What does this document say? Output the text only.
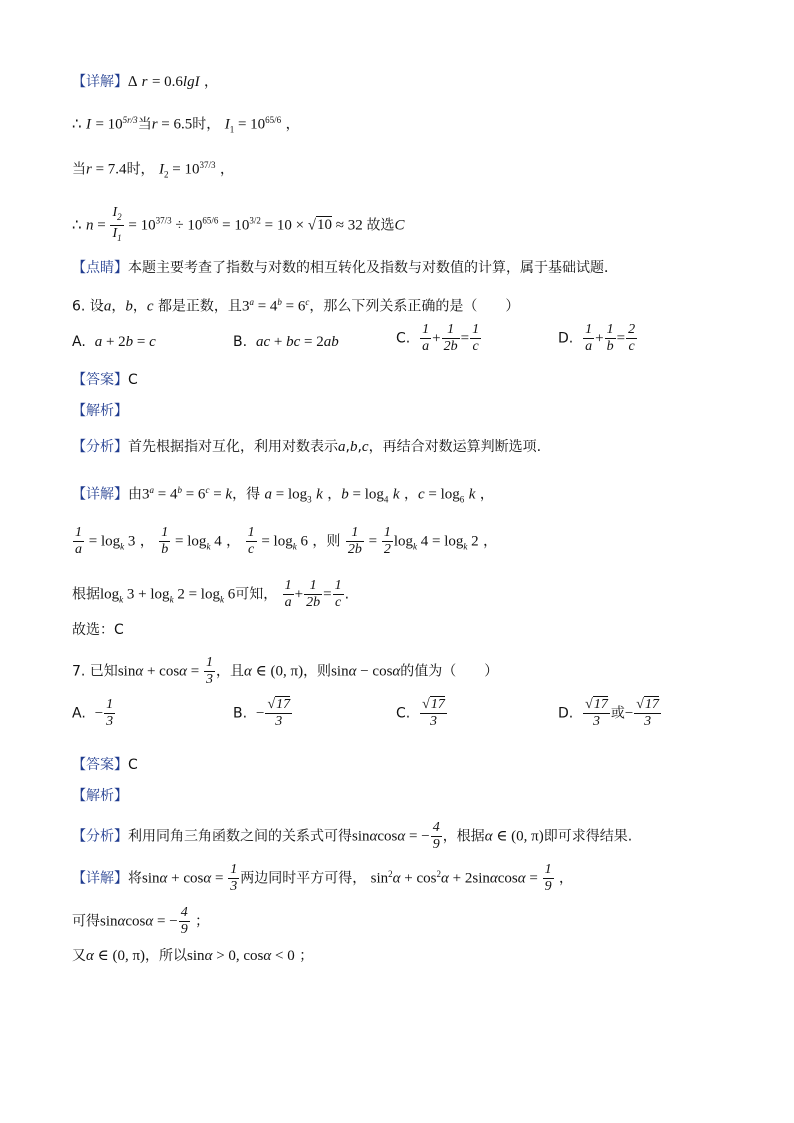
【详解】∆ r = 0.6lgI ，
∴ $I = 10^{5r/3}$当r = 6.5时， $I_1 = 10^{65/6}$ ，
当r = 7.4时， $I_2 = 10^{37/3}$ ，
∴ $n = \frac{I_2}{I_1} = 10^{37/3} \div 10^{65/6} = 10^{3/2} = 10 \times √10 \approx 32$ 故选C
【点睛】本题主要考查了指数与对数的相互转化及指数与对数值的计算，属于基础试题．
6. 设a，b，c 都是正数，且$3^a = 4^b = 6^c$，那么下列关系正确的是（　　）
A. a + 2b = c	B. ac + bc = 2ab	C. $\frac{1}{a} + \frac{1}{2b} = \frac{1}{c}$	D. $\frac{1}{a} + \frac{1}{b} = \frac{2}{c}$
【答案】C
【解析】
【分析】首先根据指对互化，利用对数表示a,b,c，再结合对数运算判断选项.
【详解】由$3^a = 4^b = 6^c = k$，得 $a = \log_3 k$ ，$b = \log_4 k$ ，$c = \log_6 k$ ，
$\frac{1}{a} = \log_k 3$ ， $\frac{1}{b} = \log_k 4$ ， $\frac{1}{c} = \log_k 6$ ，则 $\frac{1}{2b} = \frac{1}{2} \log_k 4 = \log_k 2$ ，
根据$\log_k 3 + \log_k 2 = \log_k 6$可知， $\frac{1}{a} + \frac{1}{2b} = \frac{1}{c}$ .
故选：C
7. 已知$\sin\alpha + \cos\alpha = \frac{1}{3}$ ，且α ∈ (0, π)，则sinα − cosα的值为（　　）
A. − $\frac{1}{3}$	B. − $\frac{√17}{3}$	C. $\frac{√17}{3}$	D. $\frac{√17}{3}$ 或− $\frac{√17}{3}$
【答案】C
【解析】
【分析】利用同角三角函数之间的关系式可得sinαcosα = − $\frac{4}{9}$ ，根据α ∈ (0, π)即可求得结果.
【详解】将$\sin\alpha + \cos\alpha = \frac{1}{3}$ 两边同时平方可得， $\sin^2\alpha + \cos^2\alpha + 2\sin\alpha\cos\alpha = \frac{1}{9}$ ，
可得sinαcosα = − $\frac{4}{9}$ ；
又α ∈ (0, π)，所以sinα > 0, cosα < 0 ；
